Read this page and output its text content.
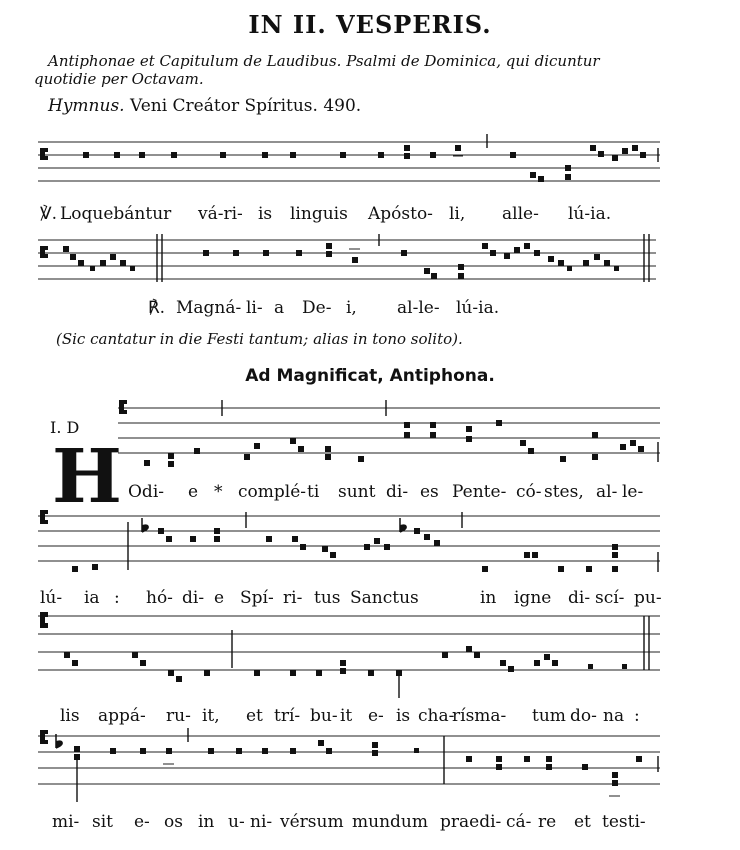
IN II. VESPERIS.
Antiphonae et Capitulum de Laudibus. Psalmi de Dominica, qui dicuntur
quotidie per Octavam.
Hymnus. Veni Creátor Spíritus. 490.
℣. Loquebántur vá-ri- is linguis Apósto- li, alle- lú-ia.
℟. Magná- li- a De- i, al-le- lú-ia.
(Sic cantatur in die Festi tantum; alias in tono solito).
Ad Magnificat, Antiphona.
I. D
H Odi- e * complé- ti sunt di- es Pente- có- stes, al- le-
lú- ia : hó- di- e Spí- ri- tus Sanctus	in igne di- scí- pu-
lis appá- ru- it, et trí- bu- it e- is cha-
rísma- tum do- na :
mi- sit e- os in u- ni- vérsum mundum praedi- cá- re et testi-
